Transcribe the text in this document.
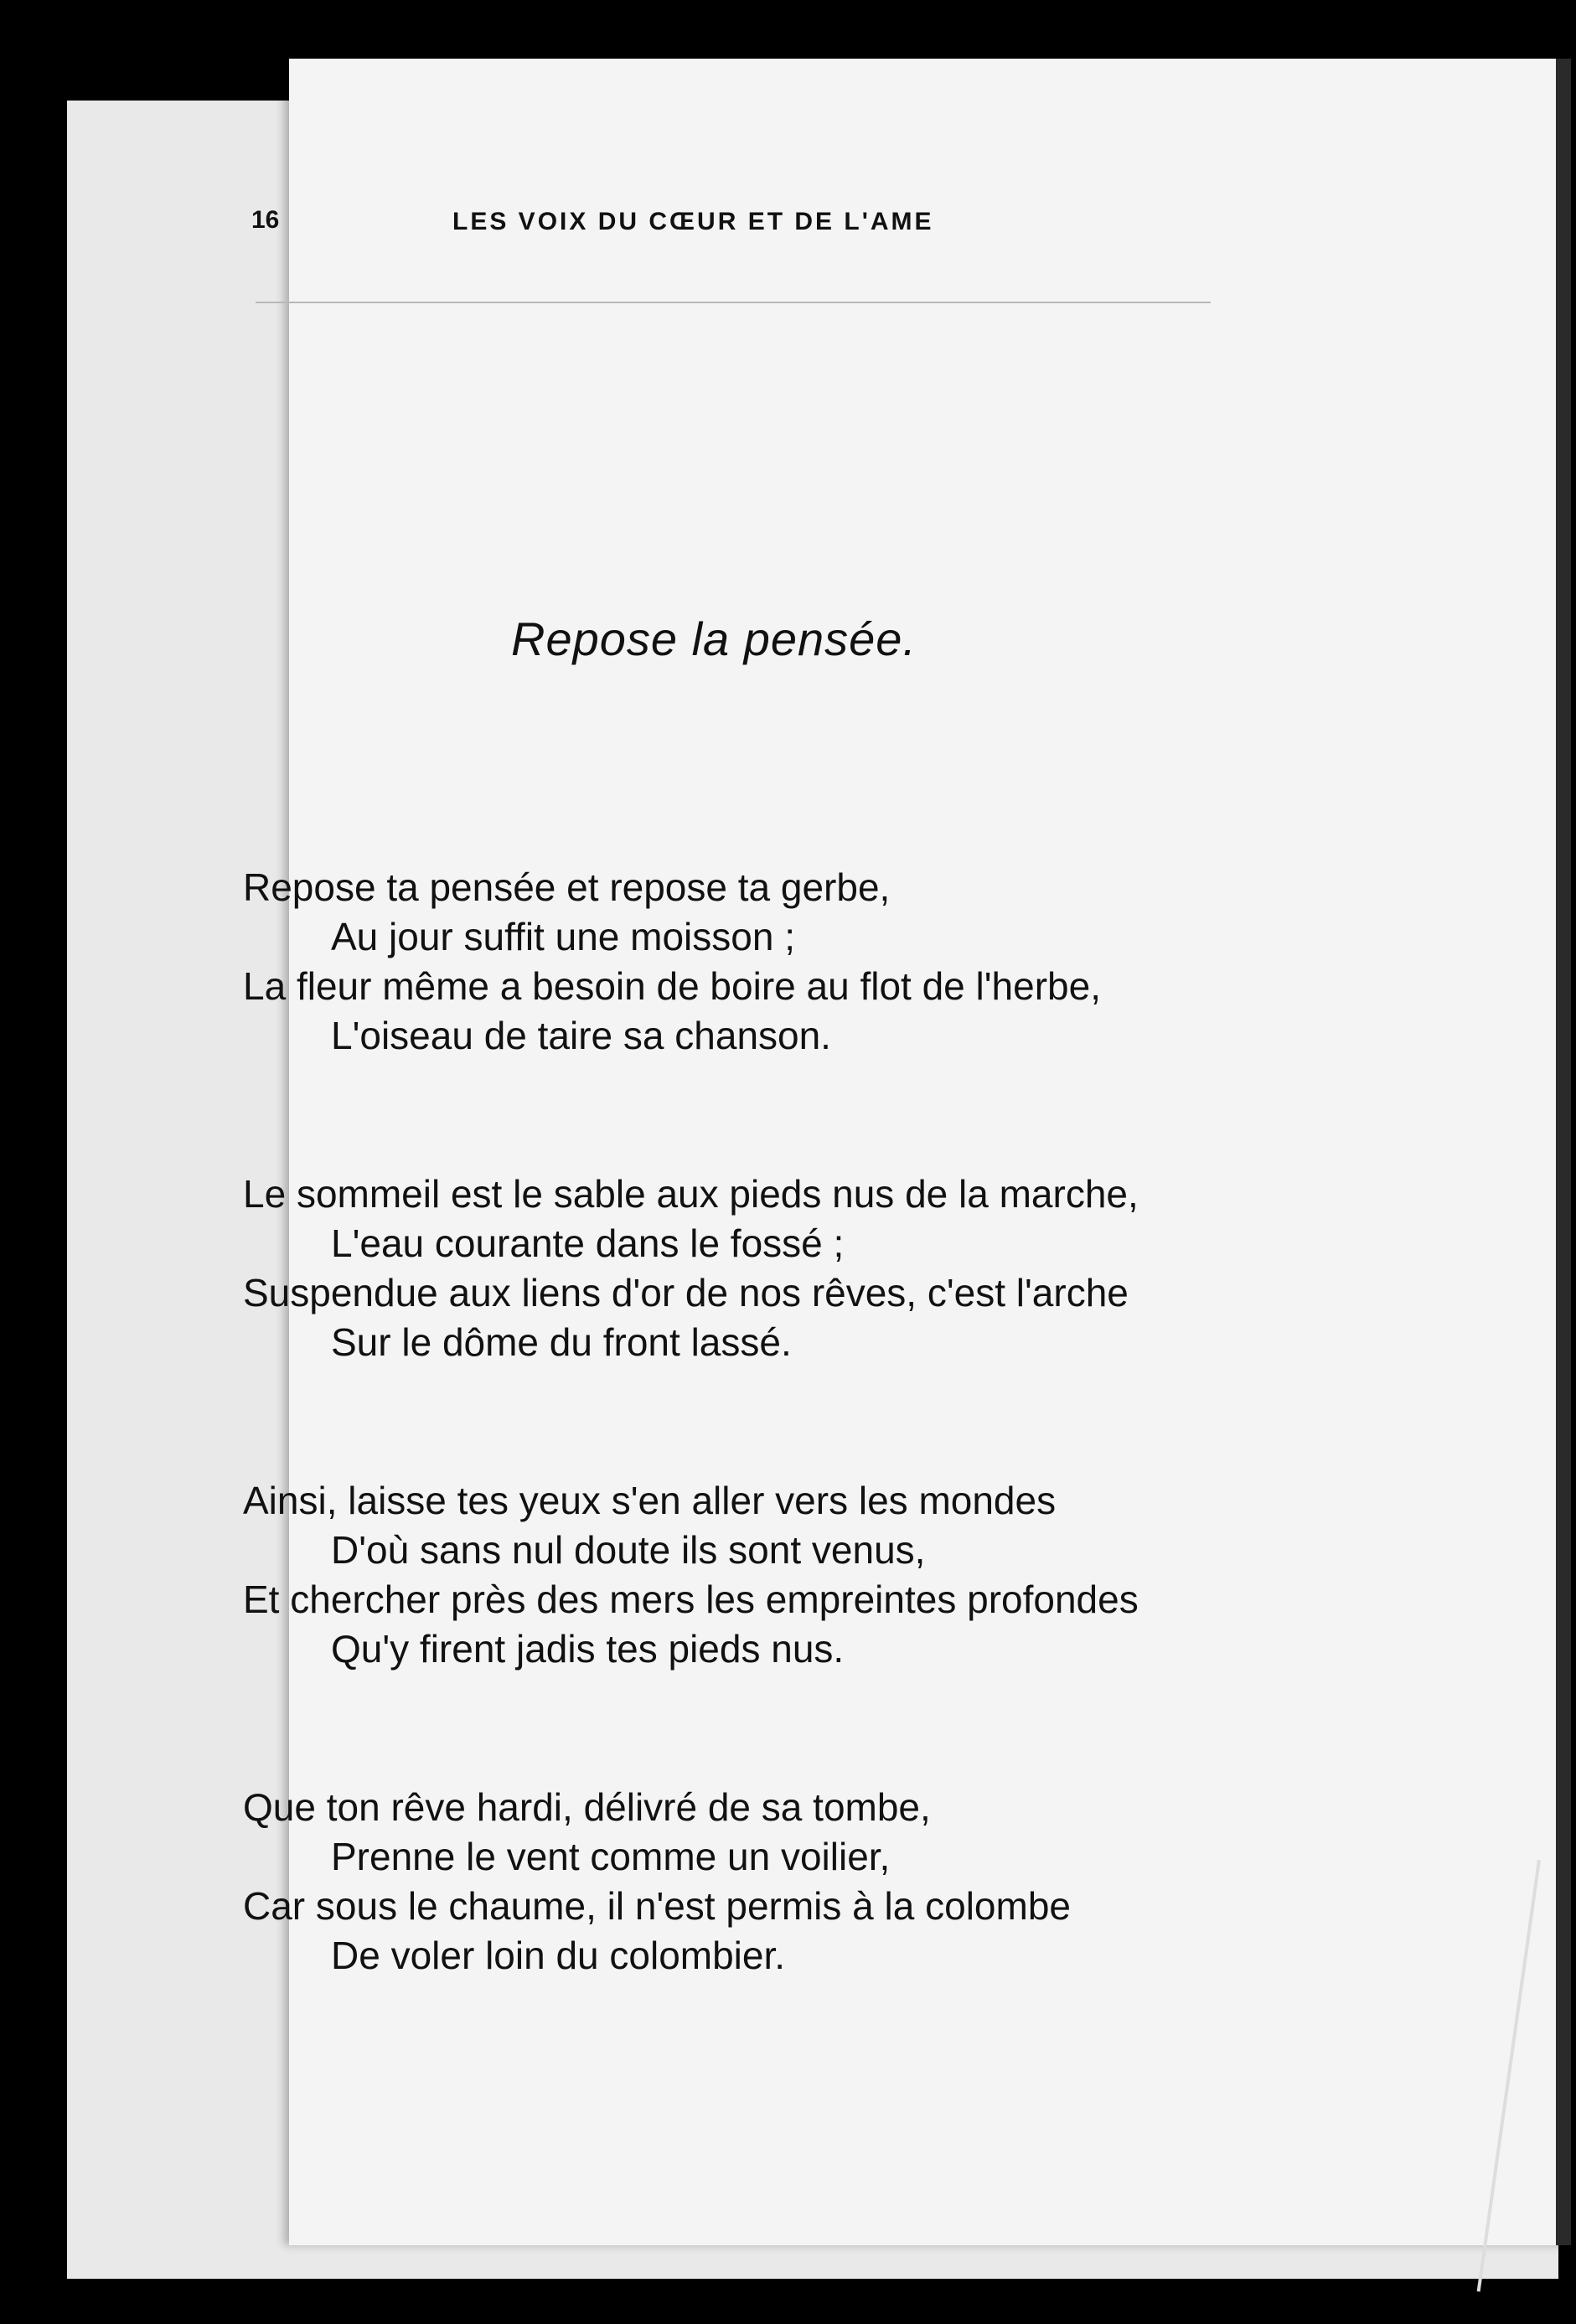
16	LES VOIX DU CŒUR ET DE L'AME
Repose la pensée.
Repose ta pensée et repose ta gerbe,
Au jour suffit une moisson ;
La fleur même a besoin de boire au flot de l'herbe,
L'oiseau de taire sa chanson.
Le sommeil est le sable aux pieds nus de la marche,
L'eau courante dans le fossé ;
Suspendue aux liens d'or de nos rêves, c'est l'arche
Sur le dôme du front lassé.
Ainsi, laisse tes yeux s'en aller vers les mondes
D'où sans nul doute ils sont venus,
Et chercher près des mers les empreintes profondes
Qu'y firent jadis tes pieds nus.
Que ton rêve hardi, délivré de sa tombe,
Prenne le vent comme un voilier,
Car sous le chaume, il n'est permis à la colombe
De voler loin du colombier.
